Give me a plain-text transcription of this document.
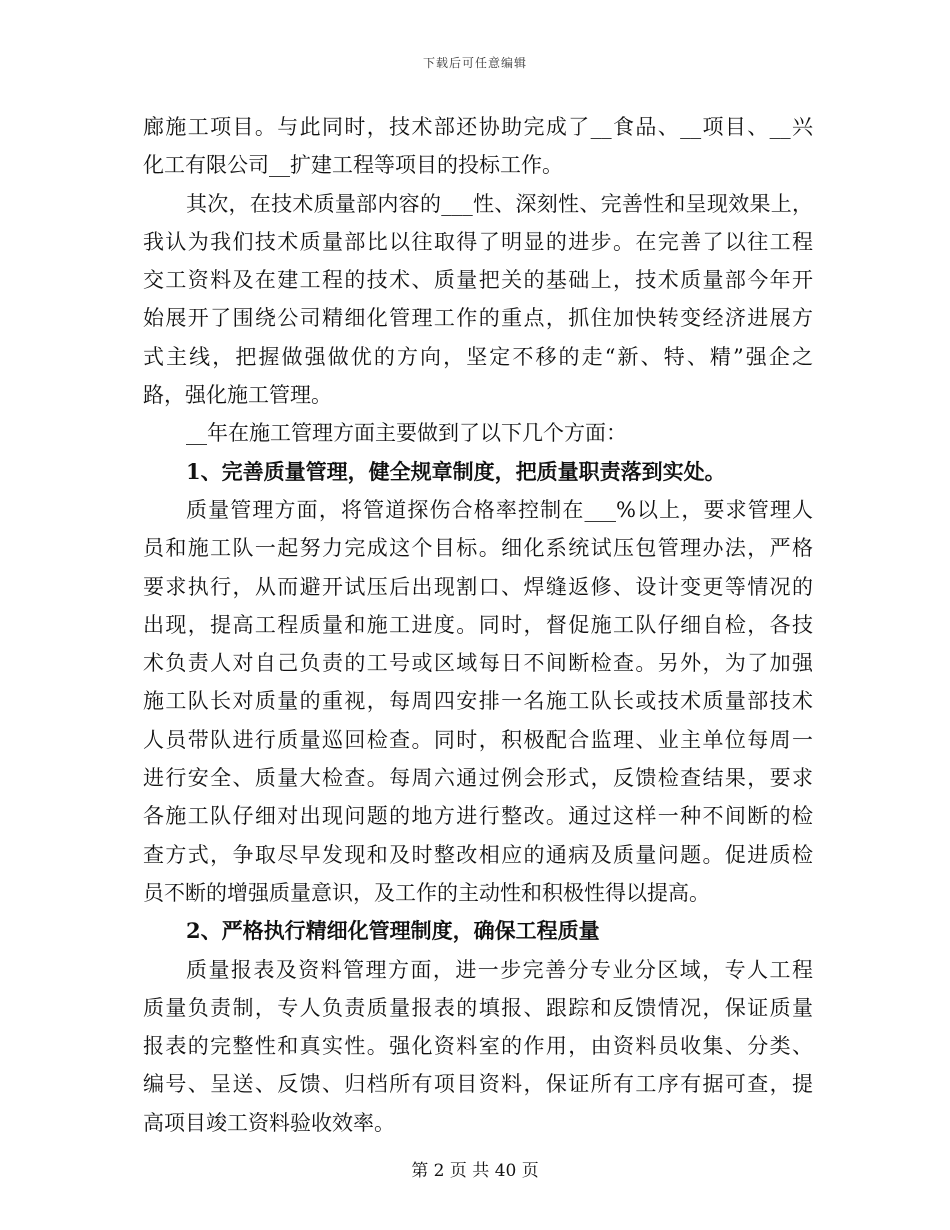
下载后可任意编辑
廊施工项目。与此同时，技术部还协助完成了__食品、__项目、__兴
化工有限公司__扩建工程等项目的投标工作。
其次，在技术质量部内容的___性、深刻性、完善性和呈现效果上，
我认为我们技术质量部比以往取得了明显的进步。在完善了以往工程
交工资料及在建工程的技术、质量把关的基础上，技术质量部今年开
始展开了围绕公司精细化管理工作的重点，抓住加快转变经济进展方
式主线，把握做强做优的方向，坚定不移的走“新、特、精”强企之
路，强化施工管理。
__年在施工管理方面主要做到了以下几个方面：
1、完善质量管理，健全规章制度，把质量职责落到实处。
质量管理方面，将管道探伤合格率控制在___%以上，要求管理人
员和施工队一起努力完成这个目标。细化系统试压包管理办法，严格
要求执行，从而避开试压后出现割口、焊缝返修、设计变更等情况的
出现，提高工程质量和施工进度。同时，督促施工队仔细自检，各技
术负责人对自己负责的工号或区域每日不间断检查。另外，为了加强
施工队长对质量的重视，每周四安排一名施工队长或技术质量部技术
人员带队进行质量巡回检查。同时，积极配合监理、业主单位每周一
进行安全、质量大检查。每周六通过例会形式，反馈检查结果，要求
各施工队仔细对出现问题的地方进行整改。通过这样一种不间断的检
查方式，争取尽早发现和及时整改相应的通病及质量问题。促进质检
员不断的增强质量意识，及工作的主动性和积极性得以提高。
2、严格执行精细化管理制度，确保工程质量
质量报表及资料管理方面，进一步完善分专业分区域，专人工程
质量负责制，专人负责质量报表的填报、跟踪和反馈情况，保证质量
报表的完整性和真实性。强化资料室的作用，由资料员收集、分类、
编号、呈送、反馈、归档所有项目资料，保证所有工序有据可查，提
高项目竣工资料验收效率。
第 2 页 共 40 页
